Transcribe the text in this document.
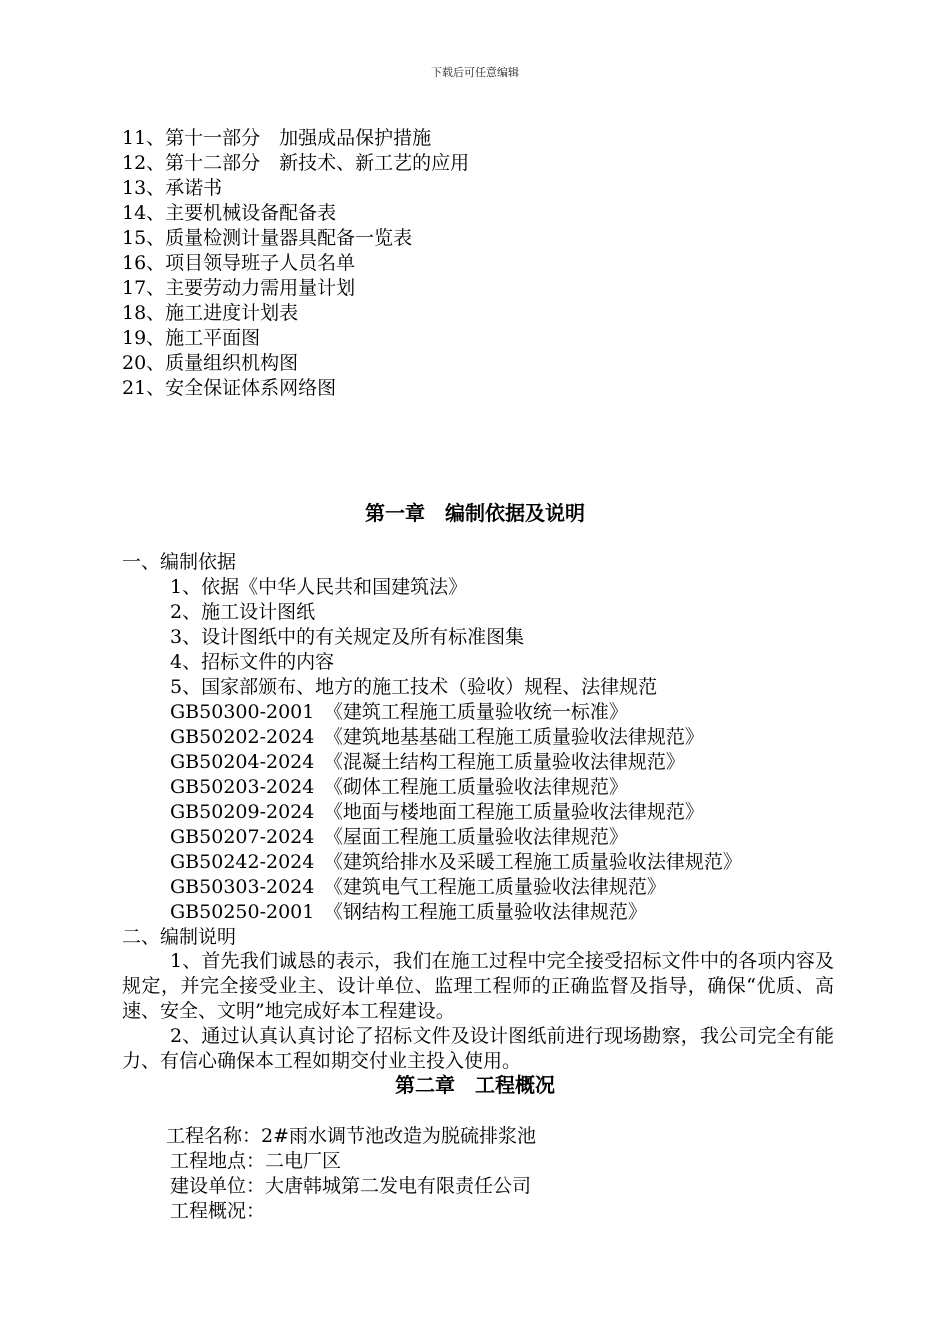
下载后可任意编辑
11、第十一部分　加强成品保护措施
12、第十二部分　新技术、新工艺的应用
13、承诺书
14、主要机械设备配备表
15、质量检测计量器具配备一览表
16、项目领导班子人员名单
17、主要劳动力需用量计划
18、施工进度计划表
19、施工平面图
20、质量组织机构图
21、安全保证体系网络图
第一章　编制依据及说明
一、编制依据
1、依据《中华人民共和国建筑法》
2、施工设计图纸
3、设计图纸中的有关规定及所有标准图集
4、招标文件的内容
5、国家部颁布、地方的施工技术（验收）规程、法律规范
GB50300-2001　《建筑工程施工质量验收统一标准》
GB50202-2024　《建筑地基基础工程施工质量验收法律规范》
GB50204-2024　《混凝土结构工程施工质量验收法律规范》
GB50203-2024　《砌体工程施工质量验收法律规范》
GB50209-2024　《地面与楼地面工程施工质量验收法律规范》
GB50207-2024　《屋面工程施工质量验收法律规范》
GB50242-2024　《建筑给排水及采暖工程施工质量验收法律规范》
GB50303-2024　《建筑电气工程施工质量验收法律规范》
GB50250-2001　《钢结构工程施工质量验收法律规范》
二、编制说明
1、首先我们诚恳的表示，我们在施工过程中完全接受招标文件中的各项内容及规定，并完全接受业主、设计单位、监理工程师的正确监督及指导，确保“优质、高速、安全、文明”地完成好本工程建设。
2、通过认真认真讨论了招标文件及设计图纸前进行现场勘察，我公司完全有能力、有信心确保本工程如期交付业主投入使用。
第二章　工程概况
工程名称：2#雨水调节池改造为脱硫排浆池
工程地点：二电厂区
建设单位：大唐韩城第二发电有限责任公司
工程概况：
